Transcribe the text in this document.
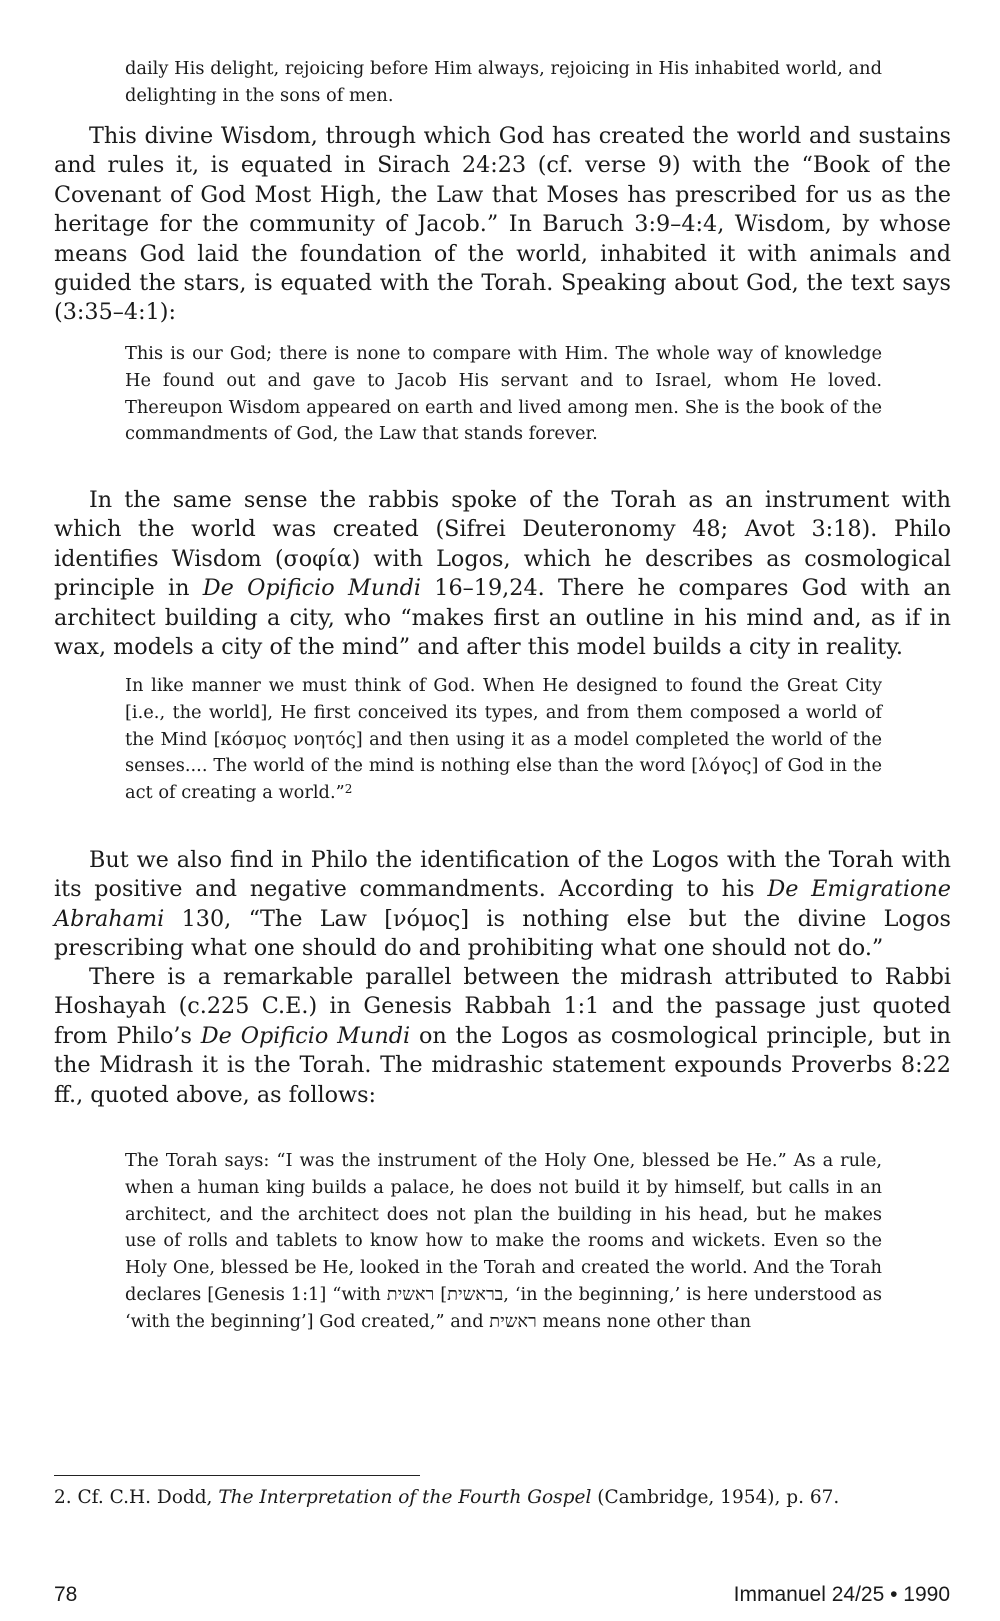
daily His delight, rejoicing before Him always, rejoicing in His inhabited world, and delighting in the sons of men.

This divine Wisdom, through which God has created the world and sustains and rules it, is equated in Sirach 24:23 (cf. verse 9) with the “Book of the Covenant of God Most High, the Law that Moses has prescribed for us as the heritage for the community of Jacob.” In Baruch 3:9–4:4, Wisdom, by whose means God laid the foundation of the world, inhabited it with animals and guided the stars, is equated with the Torah. Speaking about God, the text says (3:35–4:1):

This is our God; there is none to compare with Him. The whole way of knowledge He found out and gave to Jacob His servant and to Israel, whom He loved. Thereupon Wisdom appeared on earth and lived among men. She is the book of the commandments of God, the Law that stands forever.

In the same sense the rabbis spoke of the Torah as an instrument with which the world was created (Sifrei Deuteronomy 48; Avot 3:18). Philo identifies Wisdom (σοφία) with Logos, which he describes as cosmological principle in De Opificio Mundi 16–19,24. There he compares God with an architect building a city, who “makes first an outline in his mind and, as if in wax, models a city of the mind” and after this model builds a city in reality.

In like manner we must think of God. When He designed to found the Great City [i.e., the world], He first conceived its types, and from them composed a world of the Mind [κόσμος νοητός] and then using it as a model completed the world of the senses.... The world of the mind is nothing else than the word [λόγος] of God in the act of creating a world.”$^2$

But we also find in Philo the identification of the Logos with the Torah with its positive and negative commandments. According to his De Emigratione Abrahami 130, “The Law [νόμος] is nothing else but the divine Logos prescribing what one should do and prohibiting what one should not do.”

There is a remarkable parallel between the midrash attributed to Rabbi Hoshayah (c.225 C.E.) in Genesis Rabbah 1:1 and the passage just quoted from Philo’s De Opificio Mundi on the Logos as cosmological principle, but in the Midrash it is the Torah. The midrashic statement expounds Proverbs 8:22 ff., quoted above, as follows:

The Torah says: “I was the instrument of the Holy One, blessed be He.” As a rule, when a human king builds a palace, he does not build it by himself, but calls in an architect, and the architect does not plan the building in his head, but he makes use of rolls and tablets to know how to make the rooms and wickets. Even so the Holy One, blessed be He, looked in the Torah and created the world. And the Torah declares [Genesis 1:1] “with ראשית [בראשית, ‘in the beginning,’ is here understood as ‘with the beginning’] God created,” and ראשית means none other than

2. Cf. C.H. Dodd, The Interpretation of the Fourth Gospel (Cambridge, 1954), p. 67.

78	Immanuel 24/25 • 1990
